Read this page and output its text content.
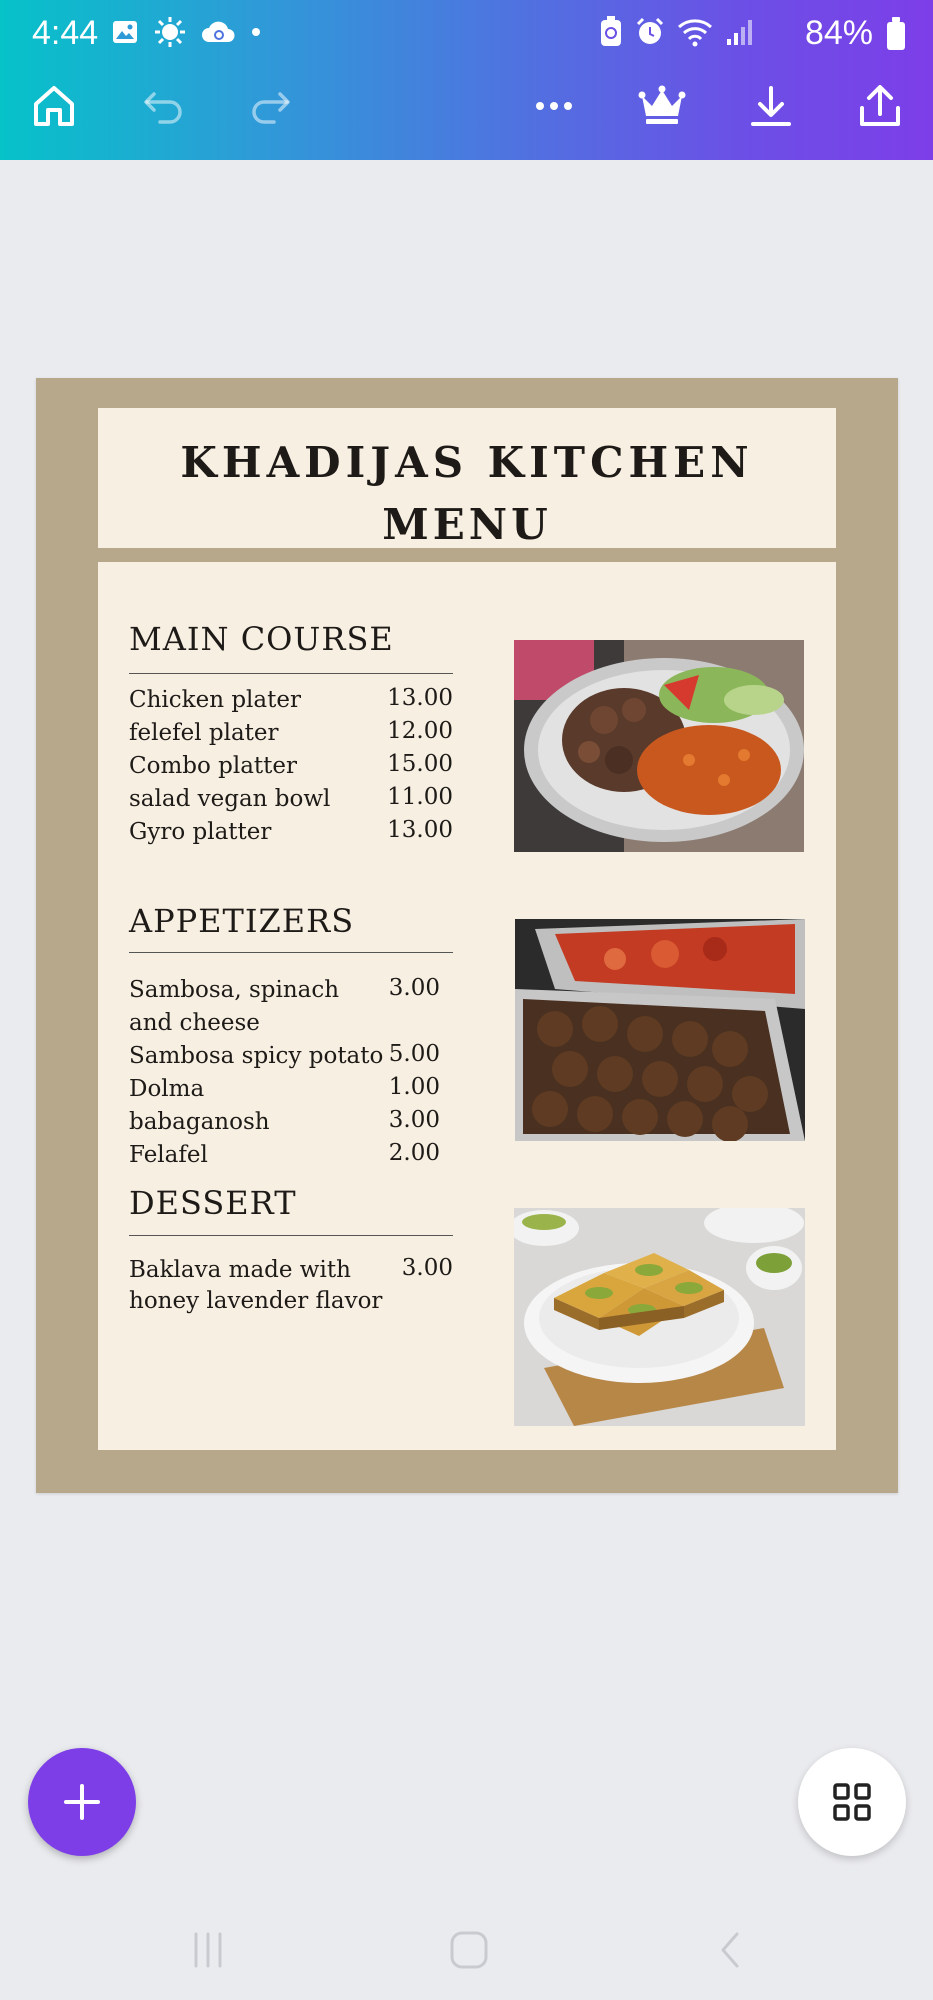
4:44	84%
KHADIJAS KITCHEN
MENU
MAIN COURSE
Chicken plater	13.00
felefel plater	12.00
Combo platter	15.00
salad vegan bowl	11.00
Gyro platter	13.00
APPETIZERS
Sambosa, spinach	3.00
and cheese
Sambosa spicy potato 5.00
Dolma	1.00
babaganosh	3.00
Felafel	2.00
DESSERT
Baklava made with	3.00
honey lavender flavor
